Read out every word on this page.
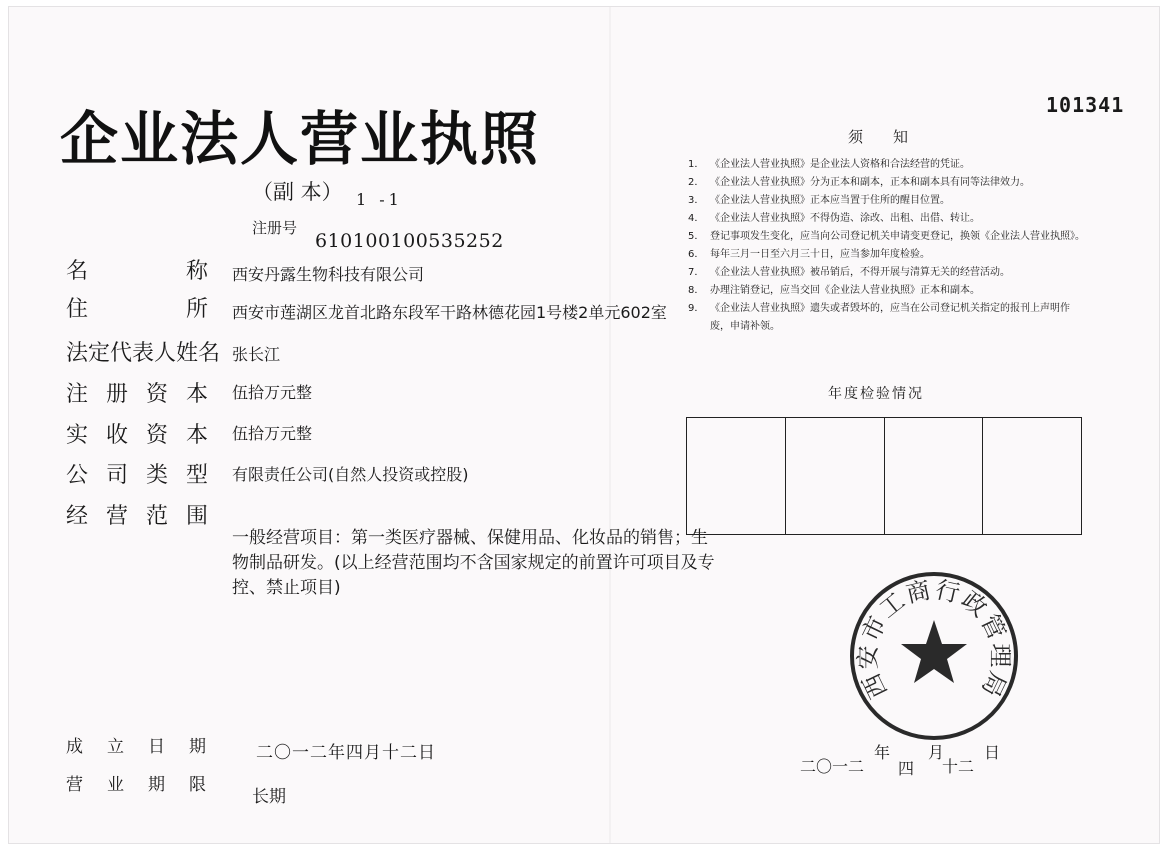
企业法人营业执照
（副 本） 1 -1
101341
注册号
610100100535252
名称 西安丹露生物科技有限公司
住所 西安市莲湖区龙首北路东段军干路林德花园1号楼2单元602室
法定代表人姓名 张长江
注册资本 伍拾万元整
实收资本 伍拾万元整
公司类型 有限责任公司(自然人投资或控股)
经营范围
一般经营项目：第一类医疗器械、保健用品、化妆品的销售；生物制品研发。(以上经营范围均不含国家规定的前置许可项目及专控、禁止项目)
须知
1． 《企业法人营业执照》是企业法人资格和合法经营的凭证。
2． 《企业法人营业执照》分为正本和副本，正本和副本具有同等法律效力。
3． 《企业法人营业执照》正本应当置于住所的醒目位置。
4． 《企业法人营业执照》不得伪造、涂改、出租、出借、转让。
5． 登记事项发生变化，应当向公司登记机关申请变更登记，换领《企业法人营业执照》。
6． 每年三月一日至六月三十日，应当参加年度检验。
7． 《企业法人营业执照》被吊销后，不得开展与清算无关的经营活动。
8． 办理注销登记，应当交回《企业法人营业执照》正本和副本。
9． 《企业法人营业执照》遗失或者毁坏的，应当在公司登记机关指定的报刊上声明作废，申请补领。
年度检验情况
西安市工商行政管理局
成立日期	二〇一二年四月十二日
营业期限
长期
二〇一二
年
四
月
十二
日
